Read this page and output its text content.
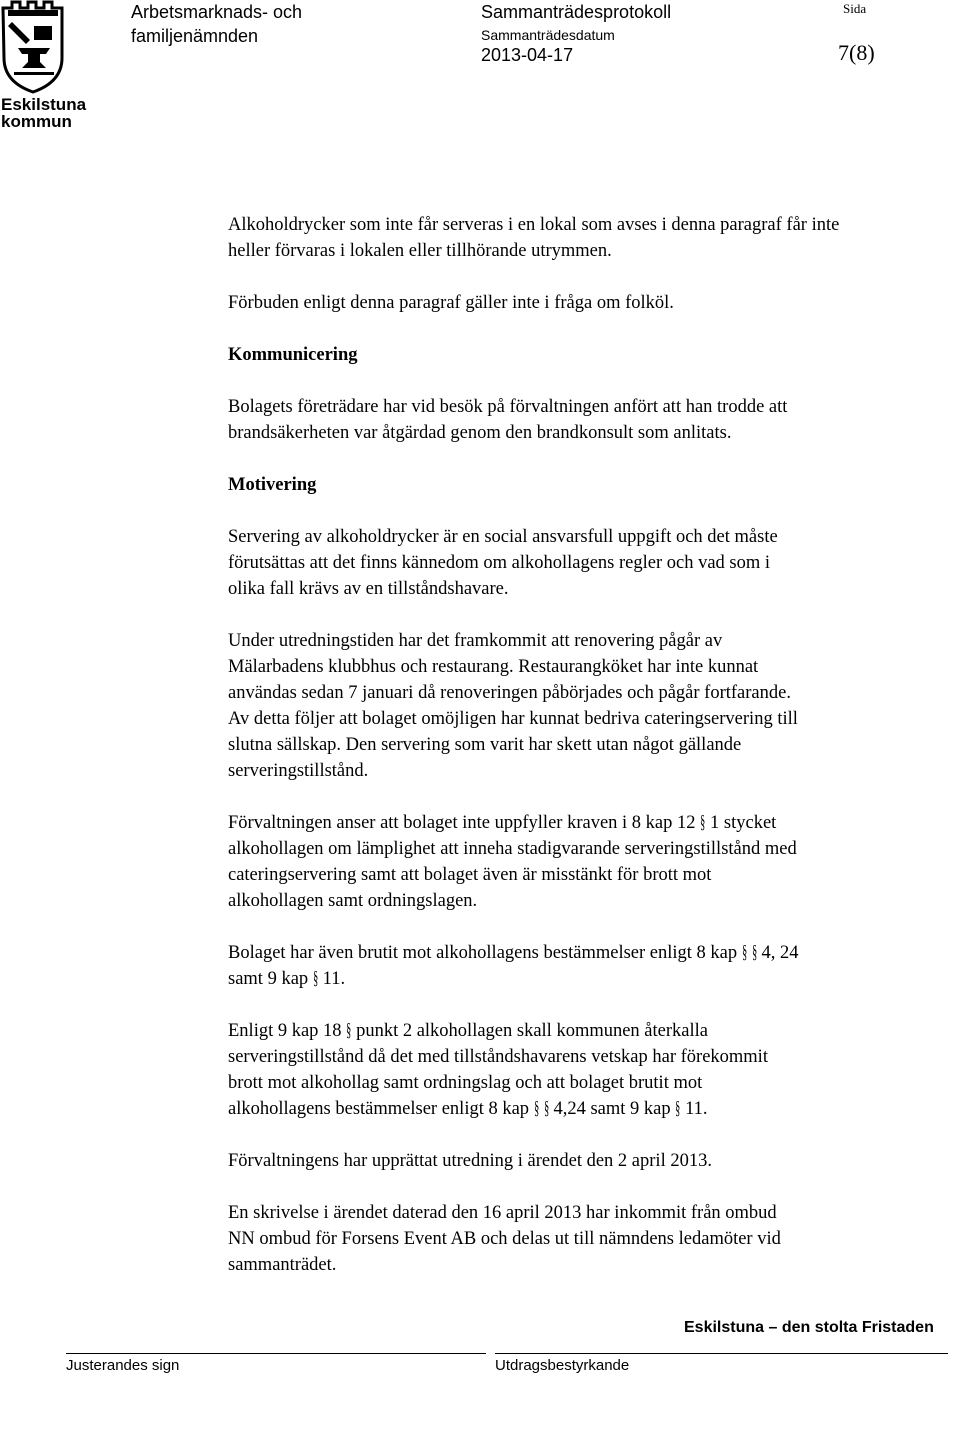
Eskilstuna
kommun
Arbetsmarknads- och
familjenämnden
Sammanträdesprotokoll
Sammanträdesdatum
2013-04-17
Sida
7(8)

Alkoholdrycker som inte får serveras i en lokal som avses i denna paragraf får inte

heller förvaras i lokalen eller tillhörande utrymmen.

Förbuden enligt denna paragraf gäller inte i fråga om folköl.

Kommunicering

Bolagets företrädare har vid besök på förvaltningen anfört att han trodde att

brandsäkerheten var åtgärdad genom den brandkonsult som anlitats.

Motivering

Servering av alkoholdrycker är en social ansvarsfull uppgift och det måste

förutsättas att det finns kännedom om alkohollagens regler och vad som i

olika fall krävs av en tillståndshavare.

Under utredningstiden har det framkommit att renovering pågår av

Mälarbadens klubbhus och restaurang. Restaurangköket har inte kunnat

användas sedan 7 januari då renoveringen påbörjades och pågår fortfarande.

Av detta följer att bolaget omöjligen har kunnat bedriva cateringservering till

slutna sällskap. Den servering som varit har skett utan något gällande

serveringstillstånd.

Förvaltningen anser att bolaget inte uppfyller kraven i 8 kap 12 § 1 stycket

alkohollagen om lämplighet att inneha stadigvarande serveringstillstånd med

cateringservering samt att bolaget även är misstänkt för brott mot

alkohollagen samt ordningslagen.

Bolaget har även brutit mot alkohollagens bestämmelser enligt 8 kap § § 4, 24

samt 9 kap § 11.

Enligt 9 kap 18 § punkt 2 alkohollagen skall kommunen återkalla

serveringstillstånd då det med tillståndshavarens vetskap har förekommit

brott mot alkohollag samt ordningslag och att bolaget brutit mot

alkohollagens bestämmelser enligt 8 kap § § 4,24 samt 9 kap § 11.

Förvaltningens har upprättat utredning i ärendet den 2 april 2013.

En skrivelse i ärendet daterad den 16 april 2013 har inkommit från ombud

NN ombud för Forsens Event AB och delas ut till nämndens ledamöter vid

sammanträdet.

Eskilstuna – den stolta Fristaden
Justerandes sign	Utdragsbestyrkande
